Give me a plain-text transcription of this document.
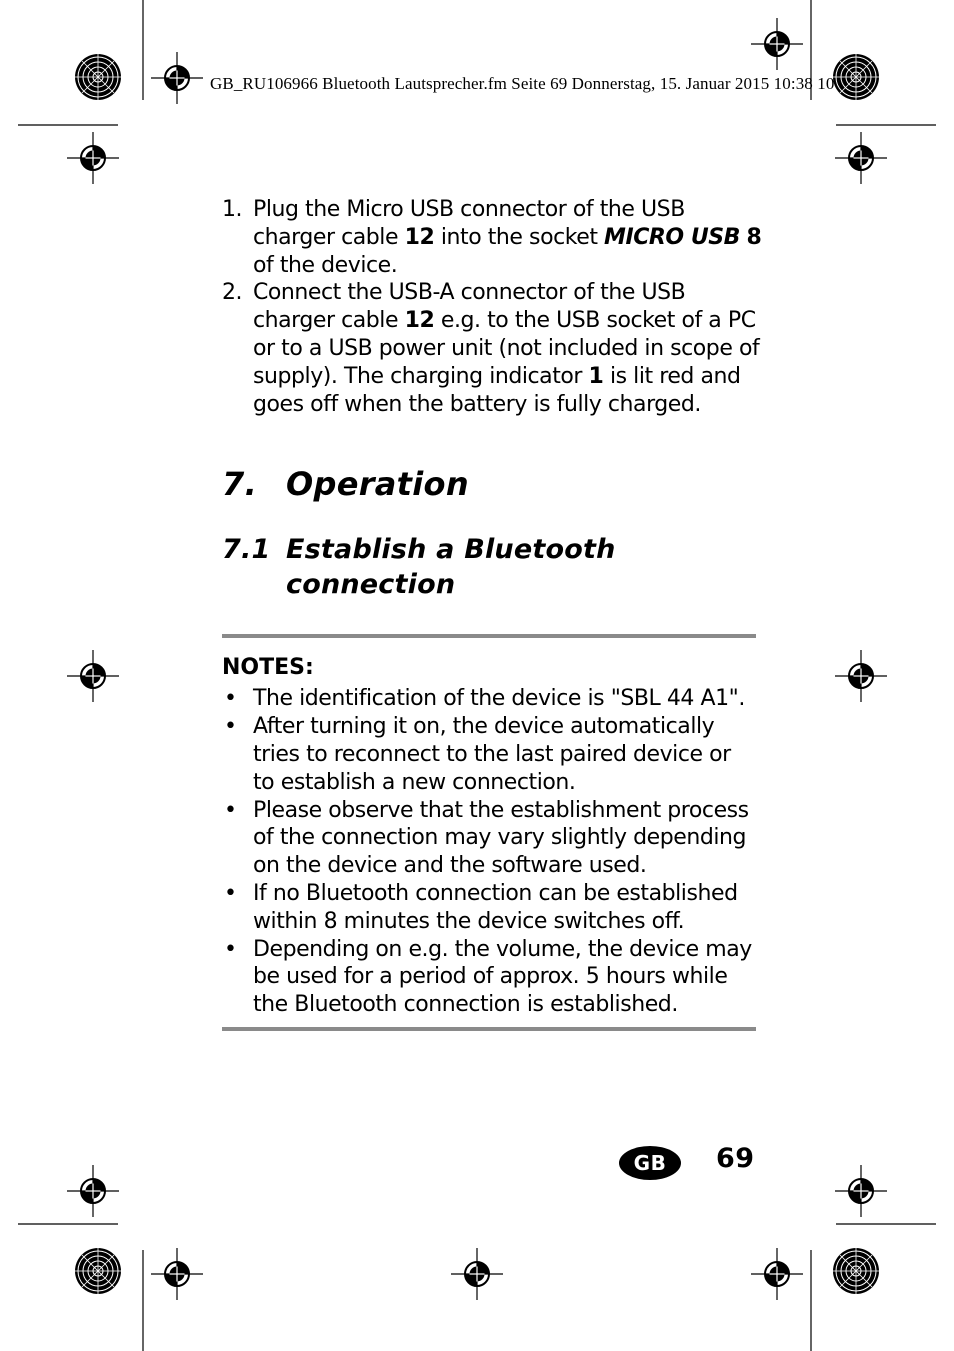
GB_RU106966 Bluetooth Lautsprecher.fm Seite 69 Donnerstag, 15. Januar 2015 10:38 10
1. Plug the Micro USB connector of the USB charger cable 12 into the socket MICRO USB 8 of the device.
2. Connect the USB-A connector of the USB charger cable 12 e.g. to the USB socket of a PC or to a USB power unit (not included in scope of supply). The charging indicator 1 is lit red and goes off when the battery is fully charged.
7. Operation
7.1 Establish a Bluetooth connection
NOTES:
• The identification of the device is "SBL 44 A1".
• After turning it on, the device automatically tries to reconnect to the last paired device or to establish a new connection.
• Please observe that the establishment process of the connection may vary slightly depending on the device and the software used.
• If no Bluetooth connection can be established within 8 minutes the device switches off.
• Depending on e.g. the volume, the device may be used for a period of approx. 5 hours while the Bluetooth connection is established.
GB	69
